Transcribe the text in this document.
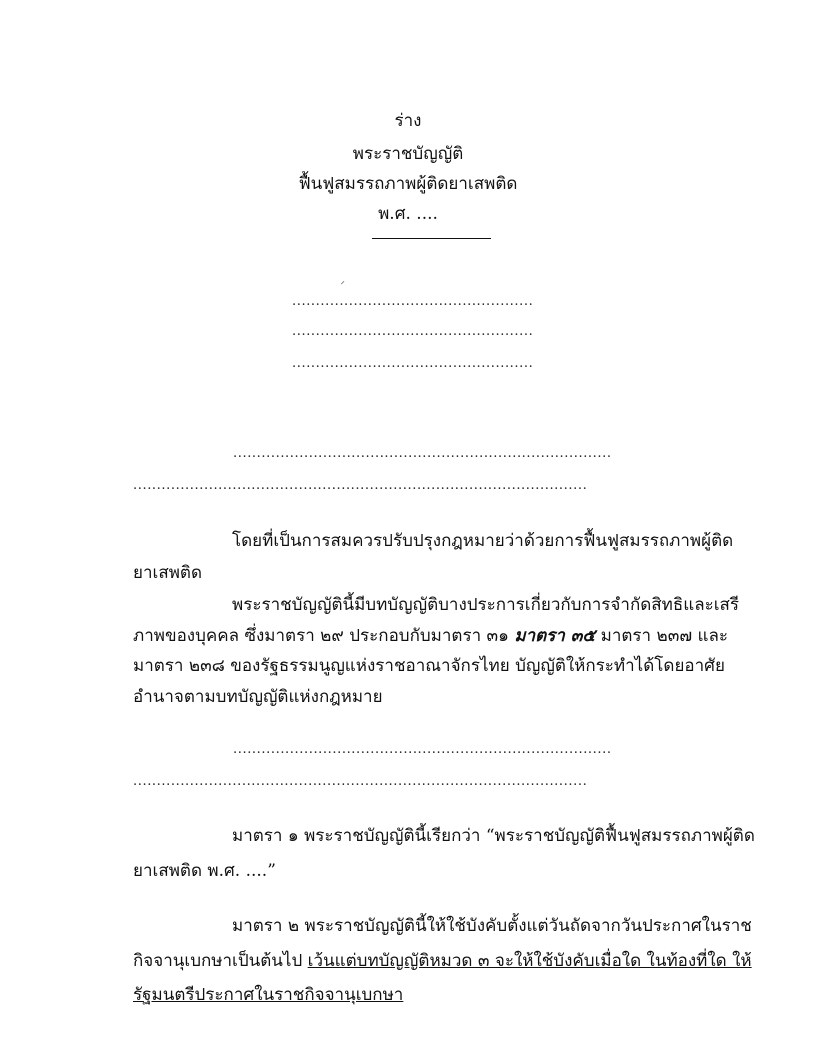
ร่าง
พระราชบัญญัติ
ฟื้นฟูสมรรถภาพผู้ติดยาเสพติด
พ.ศ. ....
...................................................
...................................................
...................................................
................................................................................
................................................................................................
โดยที่เป็นการสมควรปรับปรุงกฎหมายว่าด้วยการฟื้นฟูสมรรถภาพผู้ติด
ยาเสพติด
พระราชบัญญัตินี้มีบทบัญญัติบางประการเกี่ยวกับการจำกัดสิทธิและเสรี
ภาพของบุคคล ซึ่งมาตรา ๒๙ ประกอบกับมาตรา ๓๑ มาตรา ๓๕ มาตรา ๒๓๗ และ
มาตรา ๒๓๘ ของรัฐธรรมนูญแห่งราชอาณาจักรไทย บัญญัติให้กระทำได้โดยอาศัย
อำนาจตามบทบัญญัติแห่งกฎหมาย
................................................................................
................................................................................................
มาตรา ๑ พระราชบัญญัตินี้เรียกว่า “พระราชบัญญัติฟื้นฟูสมรรถภาพผู้ติด
ยาเสพติด พ.ศ. ....”
มาตรา ๒ พระราชบัญญัตินี้ให้ใช้บังคับตั้งแต่วันถัดจากวันประกาศในราช
กิจจานุเบกษาเป็นต้นไป เว้นแต่บทบัญญัติหมวด ๓ จะให้ใช้บังคับเมื่อใด ในท้องที่ใด ให้
รัฐมนตรีประกาศในราชกิจจานุเบกษา
